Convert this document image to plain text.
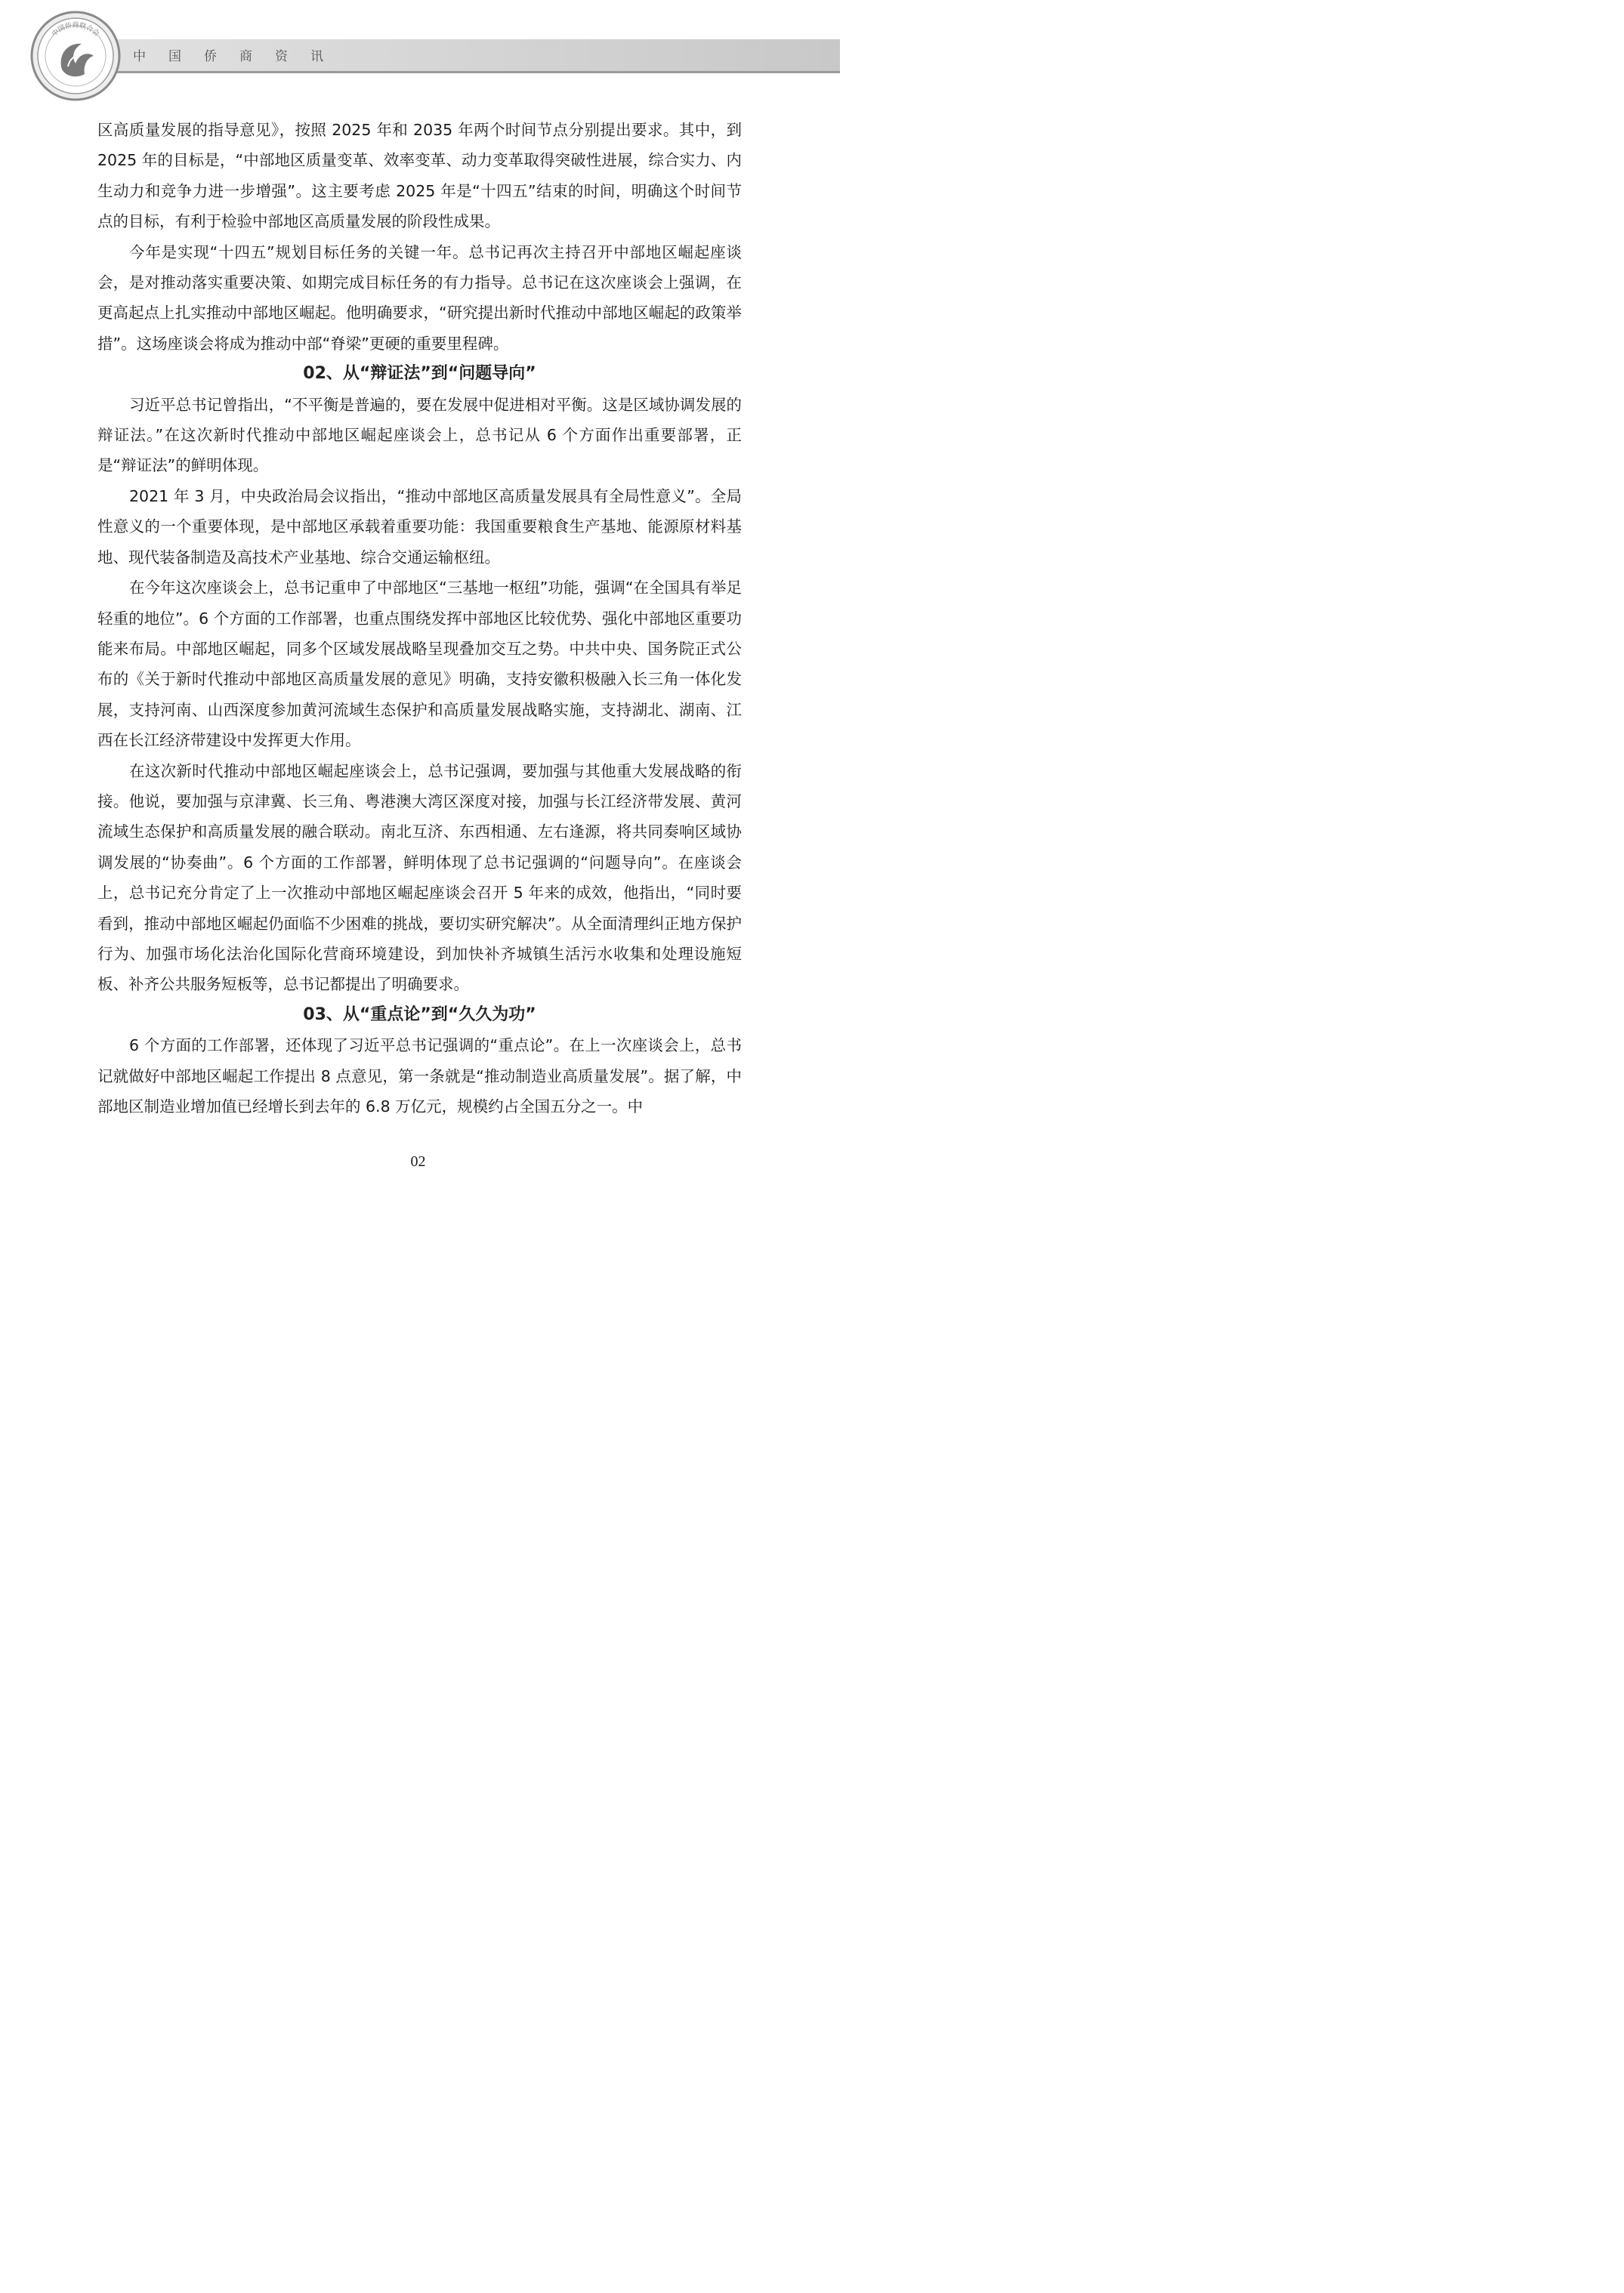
中国侨商联合会
中国侨商资讯

区高质量发展的指导意见》，按照 2025 年和 2035 年两个时间节点分别提出要求。其中，到 2025 年的目标是，“中部地区质量变革、效率变革、动力变革取得突破性进展，综合实力、内生动力和竞争力进一步增强”。这主要考虑 2025 年是“十四五”结束的时间，明确这个时间节点的目标，有利于检验中部地区高质量发展的阶段性成果。

今年是实现“十四五”规划目标任务的关键一年。总书记再次主持召开中部地区崛起座谈会，是对推动落实重要决策、如期完成目标任务的有力指导。总书记在这次座谈会上强调，在更高起点上扎实推动中部地区崛起。他明确要求，“研究提出新时代推动中部地区崛起的政策举措”。这场座谈会将成为推动中部“脊梁”更硬的重要里程碑。

02、从“辩证法”到“问题导向”

习近平总书记曾指出，“不平衡是普遍的，要在发展中促进相对平衡。这是区域协调发展的辩证法。”在这次新时代推动中部地区崛起座谈会上，总书记从 6 个方面作出重要部署，正是“辩证法”的鲜明体现。

2021 年 3 月，中央政治局会议指出，“推动中部地区高质量发展具有全局性意义”。全局性意义的一个重要体现，是中部地区承载着重要功能：我国重要粮食生产基地、能源原材料基地、现代装备制造及高技术产业基地、综合交通运输枢纽。

在今年这次座谈会上，总书记重申了中部地区“三基地一枢纽”功能，强调“在全国具有举足轻重的地位”。6 个方面的工作部署，也重点围绕发挥中部地区比较优势、强化中部地区重要功能来布局。中部地区崛起，同多个区域发展战略呈现叠加交互之势。中共中央、国务院正式公布的《关于新时代推动中部地区高质量发展的意见》明确，支持安徽积极融入长三角一体化发展，支持河南、山西深度参加黄河流域生态保护和高质量发展战略实施，支持湖北、湖南、江西在长江经济带建设中发挥更大作用。

在这次新时代推动中部地区崛起座谈会上，总书记强调，要加强与其他重大发展战略的衔接。他说，要加强与京津冀、长三角、粤港澳大湾区深度对接，加强与长江经济带发展、黄河流域生态保护和高质量发展的融合联动。南北互济、东西相通、左右逢源，将共同奏响区域协调发展的“协奏曲”。6 个方面的工作部署，鲜明体现了总书记强调的“问题导向”。在座谈会上，总书记充分肯定了上一次推动中部地区崛起座谈会召开 5 年来的成效，他指出，“同时要看到，推动中部地区崛起仍面临不少困难的挑战，要切实研究解决”。从全面清理纠正地方保护行为、加强市场化法治化国际化营商环境建设，到加快补齐城镇生活污水收集和处理设施短板、补齐公共服务短板等，总书记都提出了明确要求。

03、从“重点论”到“久久为功”

6 个方面的工作部署，还体现了习近平总书记强调的“重点论”。在上一次座谈会上，总书记就做好中部地区崛起工作提出 8 点意见，第一条就是“推动制造业高质量发展”。据了解，中部地区制造业增加值已经增长到去年的 6.8 万亿元，规模约占全国五分之一。中

02
